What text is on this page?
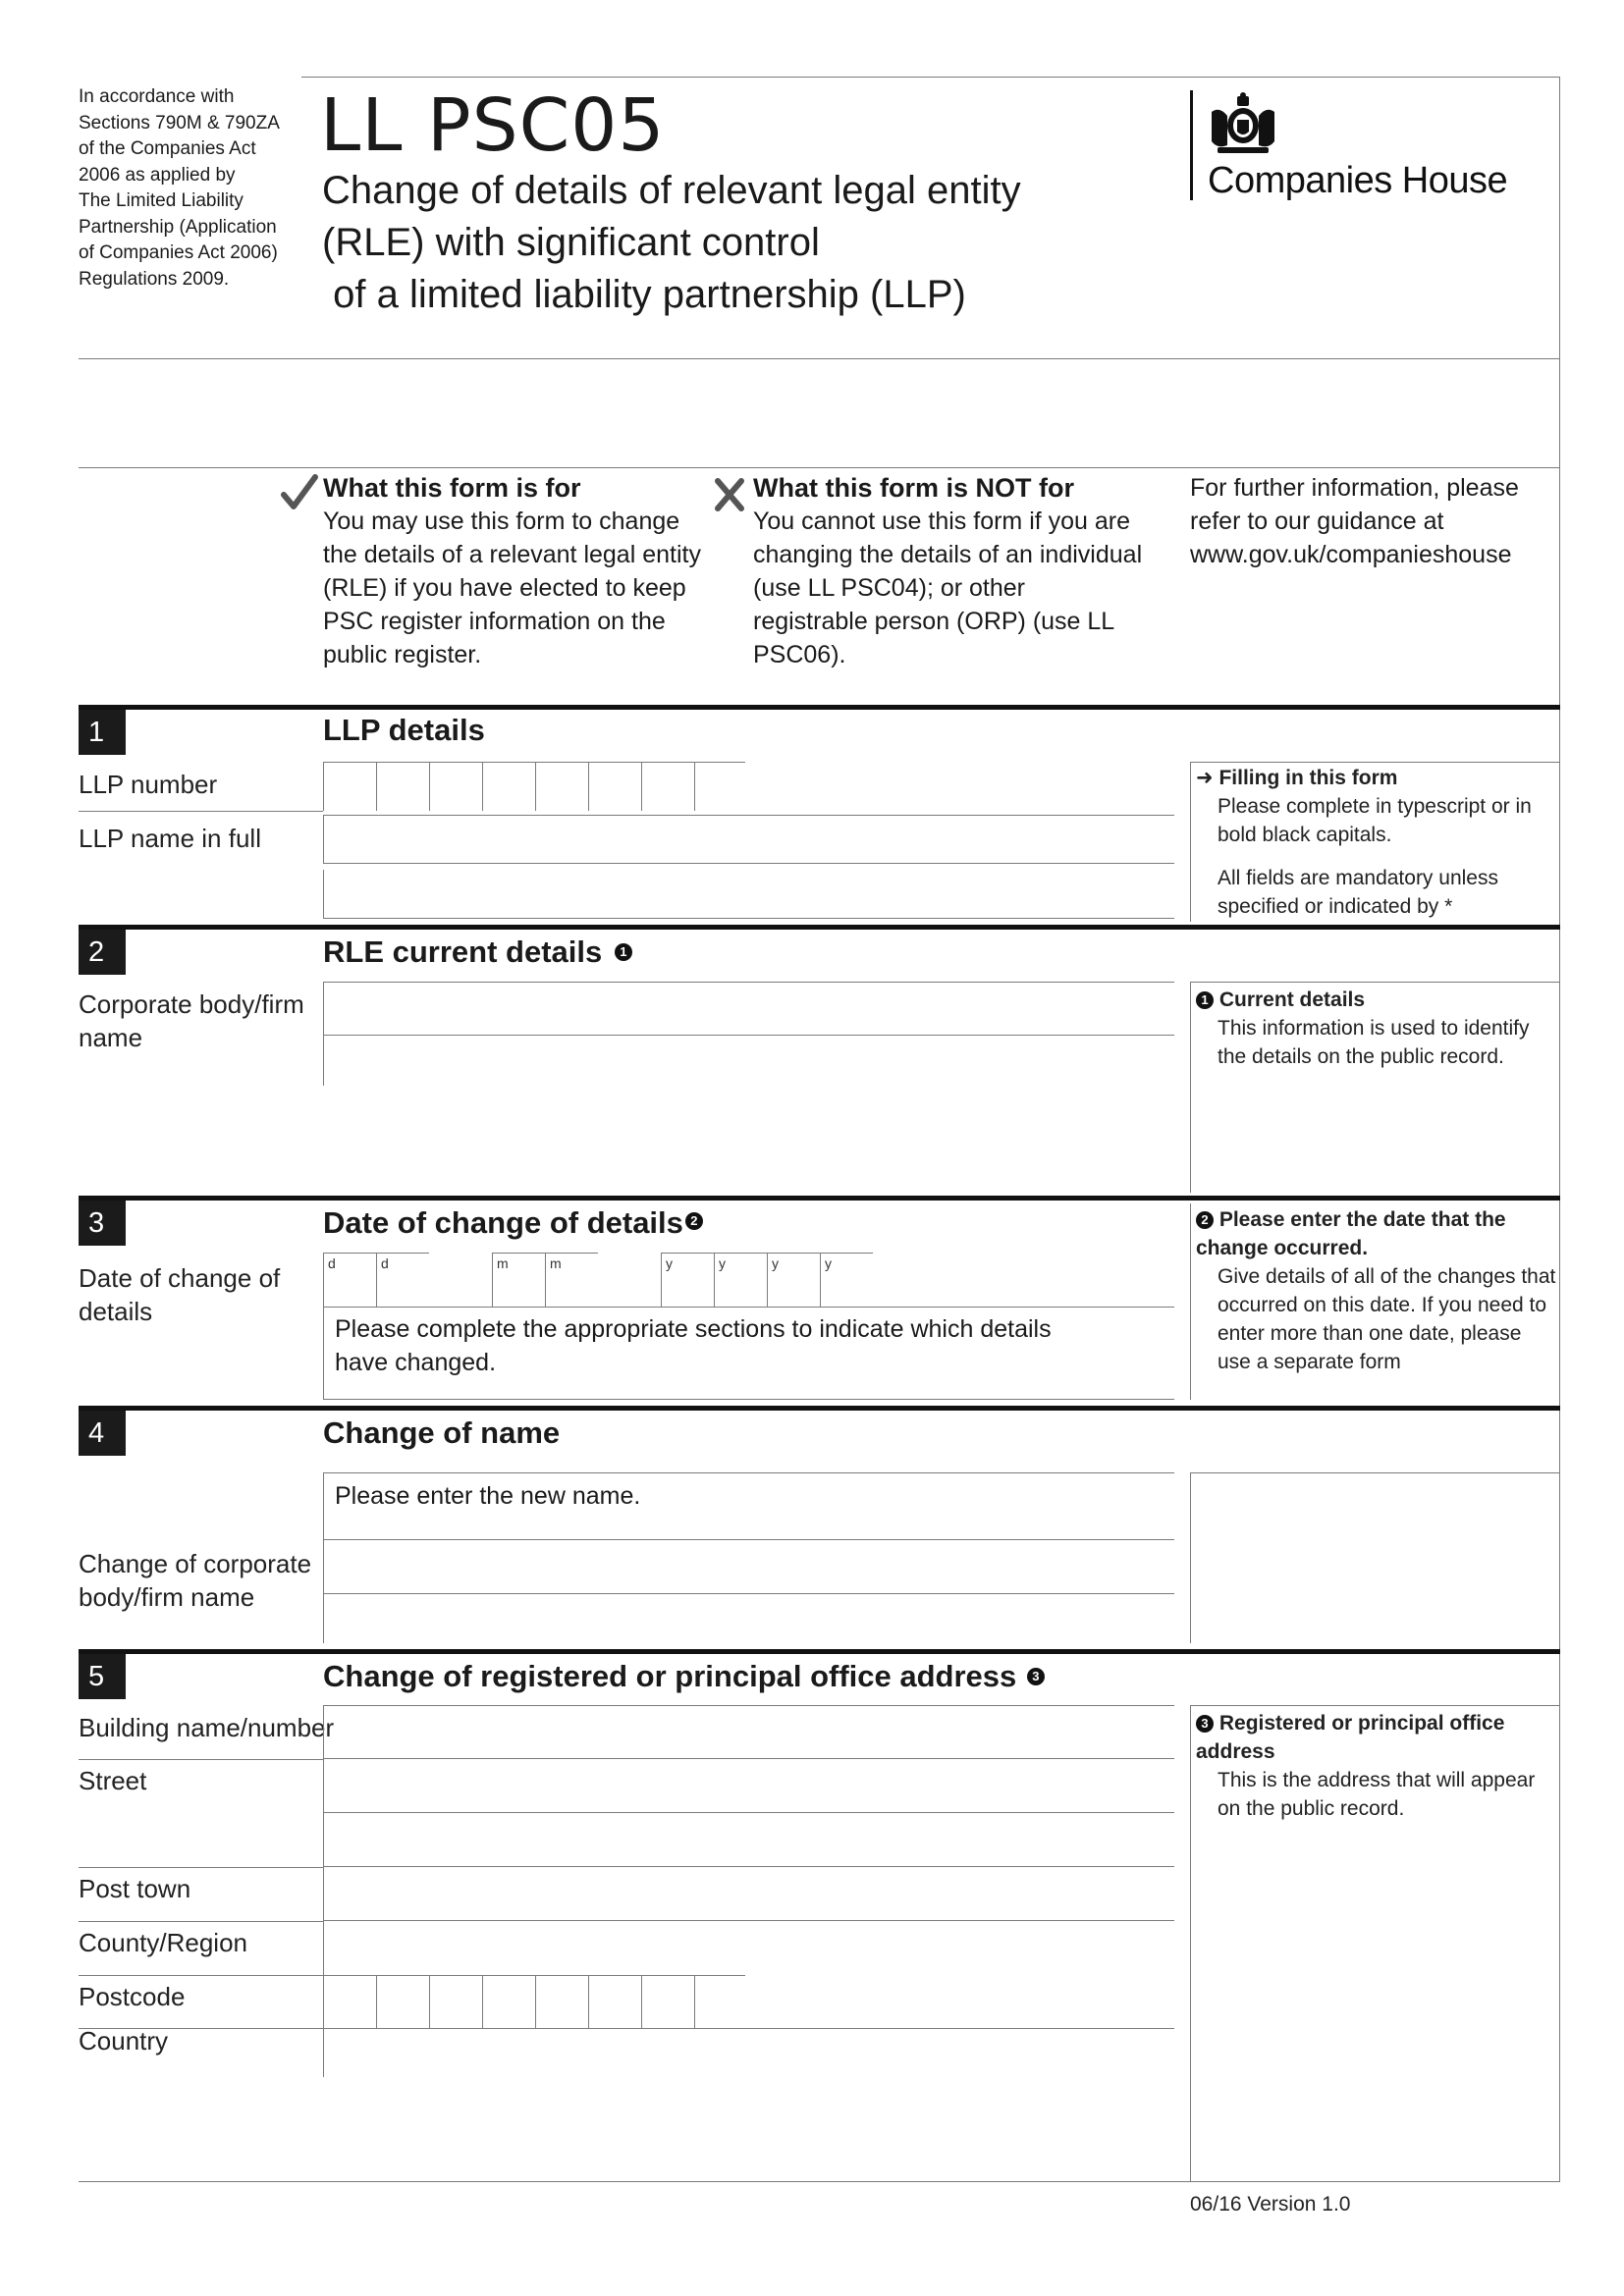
In accordance with
Sections 790M & 790ZA
of the Companies Act
2006 as applied by
The Limited Liability
Partnership (Application
of Companies Act 2006)
Regulations 2009.
LL PSC05
Change of details of relevant legal entity
(RLE) with significant control
of a limited liability partnership (LLP)
Companies House
What this form is for
You may use this form to change the details of a relevant legal entity (RLE) if you have elected to keep PSC register information on the public register.
What this form is NOT for
You cannot use this form if you are changing the details of an individual (use LL PSC04); or other registrable person (ORP) (use LL PSC06).
For further information, please refer to our guidance at www.gov.uk/companieshouse
1	LLP details
LLP number
LLP name in full
➜ Filling in this form
Please complete in typescript or in bold black capitals.
All fields are mandatory unless specified or indicated by *
2	RLE current details 1
Corporate body/firm name
1 Current details
This information is used to identify the details on the public record.
3	Date of change of details 2
Date of change of details
d	d	m	m	y	y	y	y
Please complete the appropriate sections to indicate which details have changed.
2 Please enter the date that the change occurred.
Give details of all of the changes that occurred on this date. If you need to enter more than one date, please use a separate form
4	Change of name
Please enter the new name.
Change of corporate body/firm name
5	Change of registered or principal office address 3
Building name/number
Street
Post town
County/Region
Postcode
Country
3 Registered or principal office address
This is the address that will appear on the public record.
06/16 Version 1.0
